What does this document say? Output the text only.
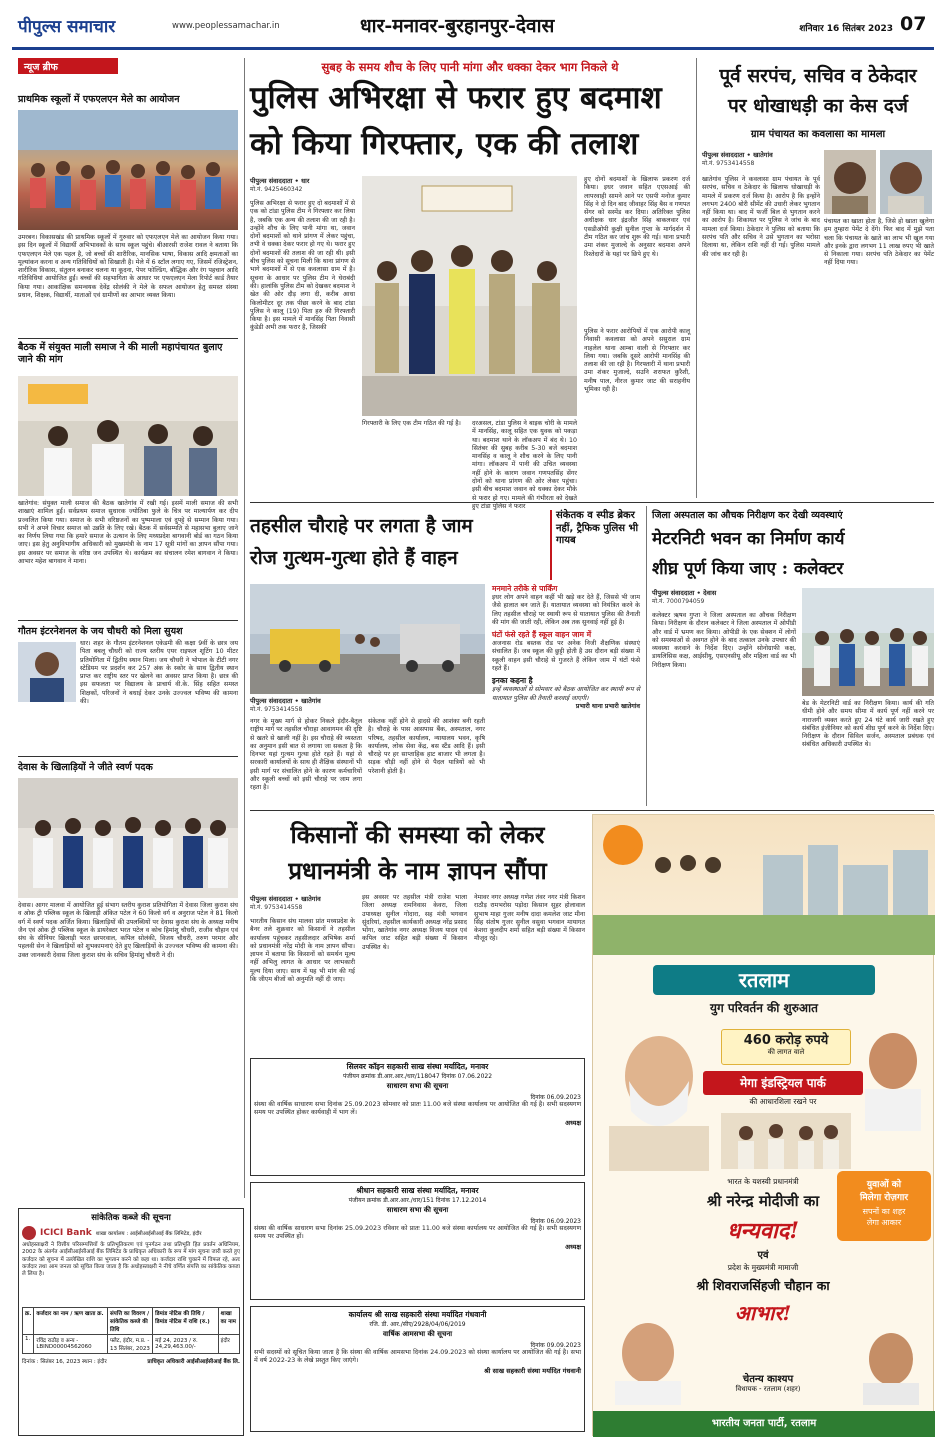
पीपुल्स समाचार	www.peoplessamachar.in	धार-मनावर-बुरहानपुर-देवास	शनिवार 16 सितंबर 2023 07
न्यूज ब्रीफ
प्राथमिक स्कूलों में एफएलएन मेले का आयोजन
उमरबन। विकासखंड की प्राथमिक स्कूलों में गुरुवार को एफएलएन मेले का आयोजन किया गया। इस दिन स्कूलों में विद्यार्थी अभिभावकों के साथ स्कूल पहुंचे। बीआरसी राजेश रावल ने बताया कि एफएलएन मेले एक पहल है, जो बच्चों की शारीरिक, मानसिक भाषा, विकास आदि क्षमताओं का मूल्यांकन करना व अन्य गतिविधियों को सिखाती है। मेले में 6 स्टॉल लगाए गए, जिसमें रजिस्ट्रेशन, शारीरिक विकास, संतुलन बनाकर चलना या कूदना, पेपर फोल्डिंग, बौद्धिक और रंग पहचान आदि गतिविधियां आयोजित हुईं। बच्चों की सहभागिता के आधार पर एफएलएन मेला रिपोर्ट कार्ड तैयार किया गया। आकांक्षिक समन्वयक देवेंद्र सोलंकी ने मेले के सफल आयोजन हेतु समस्त संस्था प्रधान, शिक्षक, विद्यार्थी, माताओं एवं ग्रामीणों का आभार व्यक्त किया।
बैठक में संयुक्त माली समाज ने की माली महापंचायत बुलाए जाने की मांग
खातेगांव: संयुक्त माली समाज की बैठक खातेगांव में रखी गई। इसमें माली समाज की सभी शाखाएं शामिल हुईं। सर्वप्रथम समाज सुधारक ज्योतिबा फुले के चित्र पर माल्यार्पण कर दीप प्रज्वलित किया गया। समाज के सभी वरिष्ठजनों का पुष्पमाला एवं दुपट्टे से सम्मान किया गया। सभी ने अपने विचार समाज को उन्नति के लिए रखे। बैठक में सर्वसम्मति से महासभा बुलाए जाने का निर्णय लिया गया कि हमारे समाज के उत्थान के लिए मध्यप्रदेश बागवानी बोर्ड का गठन किया जाए। इस हेतु अनुविभागीय अधिकारी को मुख्यमंत्री के नाम 17 सूत्री मांगों का ज्ञापन सौंपा गया। इस अवसर पर समाज के वरिष्ठ जन उपस्थित थे। कार्यक्रम का संचालन रमेश बागवान ने किया। आभार महेश बागवान ने माना।
गौतम इंटरनेशनल के जय चौधरी को मिला सुयश
धार। शहर के गौतम इंटरनेशनल एकेडमी की कक्षा 9वीं के छात्र जय पिता बबलू चौधरी को राज्य स्तरीय एयर राइफल शूटिंग 10 मीटर प्रतियोगिता में द्वितीय स्थान मिला। जय चौधरी ने भोपाल के टीटी नगर स्टेडियम पर प्रदर्शन कर 257 अंक के स्कोर के साथ द्वितीय स्थान प्राप्त कर राष्ट्रीय स्तर पर खेलने का अवसर प्राप्त किया है। छात्र की इस सफलता पर विद्यालय के प्राचार्य वी.के. सिंह सहित समस्त शिक्षकों, परिजनों ने बधाई देकर उनके उज्ज्वल भविष्य की कामना की।
देवास के खिलाड़ियों ने जीते स्वर्ण पदक
देवास। आगर मालवा में आयोजित हुई संभाग स्तरीय कुराश प्रतियोगिता में देवास जिला कुराश संघ व ओक ट्री पब्लिक स्कूल के खिलाड़ी अंकित पटेल ने 60 किलो वर्ग व अनुराज पटेल ने 81 किलो वर्ग में स्वर्ण पदक अर्जित किया। खिलाड़ियों की उपलब्धियों पर देवास कुराश संघ के अध्यक्ष मनीष जैन एवं ओक ट्री पब्लिक स्कूल के डायरेक्टर भरत पटेल व कोच हिमांशु चौधरी, राजीव चौहान एवं संघ के सीनियर खिलाड़ी भरत छापरवाल, कपिल सोलंकी, विजय चौधरी, तरुण परमार और पहलवी सेन ने खिलाड़ियों को शुभकामनाएं देते हुए खिलाड़ियों के उज्ज्वल भविष्य की कामना की। उक्त जानकारी देवास जिला कुराश संघ के सचिव हिमांशु चौधरी ने दी।
सुबह के समय शौच के लिए पानी मांगा और धक्का देकर भाग निकले थे
पुलिस अभिरक्षा से फरार हुए बदमाश
को किया गिरफ्तार, एक की तलाश
पीपुल्स संवाददाता • धार
मो.नं. 9425460342
पुलिस अभिरक्षा से फरार हुए दो बदमाशों में से एक को टांडा पुलिस टीम ने गिरफ्तार कर लिया है, जबकि एक अन्य की तलाश की जा रही है। उन्होंने शौच के लिए पानी मांगा था, जवान दोनों बदमाशों को थाने प्रांगण में लेकर पहुंचा, तभी वे धक्का देकर फरार हो गए थे। फरार हुए दोनों बदमाशों की तलाश की जा रही थी। इसी बीच पुलिस को सूचना मिली कि थाना प्रांगण से भागे बदमाशों में से एक कवलासा ग्राम में है। सूचना के आधार पर पुलिस टीम ने घेराबंदी की। हालांकि पुलिस टीम को देखकर बदमाश ने खेत की ओर दौड़ लगा दी, करीब आधा किलोमीटर दूर तक पीछा करने के बाद टांडा पुलिस ने कालू (19) पिता हरु की गिरफ्तारी किया है। इस मामले में मानसिंह पिता निवासी कुंडेडी अभी तक फरार है, जिसकी
गिरफ्तारी के लिए एक टीम गठित की गई है।	दरअसल, टांडा पुलिस ने बाइक चोरी के मामले में मानसिंह, कालू सहित एक युवक को पकड़ा था। बदमाश थाने के लॉकअप में बंद थे। 10 सितंबर की सुबह करीब 5-30 बजे बदमाश मानसिंह व कालू ने शौच करने के लिए पानी मांगा। लॉकअप में पानी की उचित व्यवस्था नहीं होने के कारण जवान गणपतसिंह सेंगर दोनों को थाना प्रांगण की ओर लेकर पहुंचा। इसी बीच बदमाश जवान को धक्का देकर मौके से फरार हो गए। मामले की गंभीरता को देखते हुए टांडा पुलिस ने फरार
हुए दोनों बदमाशों के खिलाफ प्रकरण दर्ज किया। इधर जवान सहित एएसआई की लापरवाही सामने आने पर एसपी मनोज कुमार सिंह ने दो दिन बाद जीवाहर सिंह बैस व गणपत सेंगर को सस्पेंड कर दिया। अतिरिक्त पुलिस अधीक्षक धार इंद्रजीत सिंह बाकलवार एवं एसडीओपी कुक्षी सुनील गुप्ता के मार्गदर्शन में टीम गठित कर जांच शुरू की गई। थाना प्रभारी उमा शंकर मुजाल्दे के अनुसार बदमाश अपने रिश्तेदारों के यहां पर छिपे हुए थे।
पुलिस ने फरार आरोपियों में एक आरोपी कालू निवासी कवलासा को अपने ससुराल ग्राम नाहलेल थाना आम्बा वाली से गिरफ्तार कर लिया गया। जबकि दूसरे आरोपी मानसिंह की तलाश की जा रही है। गिरफ्तारी में थाना प्रभारी उमा शंकर मुजाल्दे, सउनि शराफत कुरैशी, मनीष पाल, नीरज कुमार जाट की सराहनीय भूमिका रही है।
पूर्व सरपंच, सचिव व ठेकेदार
पर धोखाधड़ी का केस दर्ज
ग्राम पंचायत का कवलासा का मामला
पीपुल्स संवाददाता • खातेगांव
मो.नं. 9753414558
खातेगांव पुलिस ने कवलासा ग्राम पंचायत के पूर्व सरपंच, सचिव व ठेकेदार के खिलाफ धोखाधड़ी के मामले में प्रकरण दर्ज किया है। आरोप है कि इन्होंने लगभग 2400 बोरी सीमेंट की उधारी लेकर भुगतान नहीं किया था। बाद में फर्जी बिल से भुगतान करने का आरोप है। शिकायत पर पुलिस ने जांच के बाद मामला दर्ज किया। ठेकेदार ने पुलिस को बताया कि सरपंच पति और सचिव ने उसे भुगतान का भरोसा दिलाया था, लेकिन राशि नहीं दी गई। पुलिस मामले की जांच कर रही है।
पंचायत का खाता होता है, जिसे हो खाता खुलेगा हम तुम्हारा पेमेंट दे देंगे। फिर बाद में मुझे पता चला कि पंचायत के खाते का लाभ भी खुल गया और इनके द्वारा लगभग 11 लाख रुपए भी खाते से निकाला गया। सरपंच पति ठेकेदार का पेमेंट नहीं दिया गया।
तहसील चौराहे पर लगता है जाम
रोज गुत्थम-गुत्था होते हैं वाहन
संकेतक व स्पीड ब्रेकर नहीं, ट्रैफिक पुलिस भी गायब
पीपुल्स संवाददाता • खातेगांव
मो.नं. 9753414558
नगर के मुख्य मार्ग से होकर निकले इंदौर-बैतूल राष्ट्रीय मार्ग पर तहसील चौराहा आवागमन की दृष्टि से खतरे से खाली नहीं है। इस चौराहे की व्यस्तता का अनुमान इसी बात से लगाया जा सकता है कि दिनभर यहां गुत्थम गुत्था होते रहते हैं। यहां से सरकारी कार्यालयों के साथ ही शैक्षिक संस्थानों भी इसी मार्ग पर संचालित होने के कारण कर्मचारियों और स्कूली बच्चों को इसी चौराहे पर जाम लगा रहता है।
संकेतक नहीं होने से हादसे की आशंका बनी रहती है। चौराहे के पास आसपास बैंक, अस्पताल, नगर परिषद, तहसील कार्यालय, न्यायालय भवन, कृषि कार्यालय, लोक सेवा केंद्र, बस स्टैंड आदि हैं। इसी चौराहे पर हर साप्ताहिक हाट बाजार भी लगता है। सड़क चौड़ी नहीं होने से पैदल यात्रियों को भी परेशानी होती है।
मनमाने तरीके से पार्किंग
इधर लोग अपने वाहन कहीं भी खड़े कर देते हैं, जिससे भी जाम जैसे हालात बन जाते हैं। यातायात व्यवस्था को नियंत्रित करने के लिए तहसील चौराहे पर स्थायी रूप से यातायात पुलिस की तैनाती की मांग की जाती रही, लेकिन अब तक सुनवाई नहीं हुई है।
घंटों फंसे रहते हैं स्कूल वाहन जाम में
अजनास रोड बस्तक रोड पर अनेक निजी शैक्षणिक संस्थाएं संचालित हैं। जब स्कूल की छुट्टी होती है उस दौरान बड़ी संख्या में स्कूली वाहन इसी चौराहे से गुजरते हैं लेकिन जाम में घंटों फंसे रहते हैं।
इनका कहना है
इन्हें व्यवस्थाओं से सोमवार को बैठक आयोजित कर स्थायी रूप से यातायात पुलिस की तैनाती करवाई जाएगी।
प्रभारी थाना प्रभारी खातेगांव
जिला अस्पताल का औचक निरीक्षण कर देखी व्यवस्थाएं
मेटरनिटी भवन का निर्माण कार्य
शीघ्र पूर्ण किया जाए : कलेक्टर
पीपुल्स संवाददाता • देवास
मो.नं. 7000794059
कलेक्टर ऋषव गुप्ता ने जिला अस्पताल का औचक निरीक्षण किया। निरीक्षण के दौरान कलेक्टर ने जिला अस्पताल में ओपीडी और वार्ड में भ्रमण कर किया। ओपीडी के एक सेक्शन में लोगों को समस्याओं से अवगत होने के बाद तत्काल उनके उपचार की व्यवस्था करवाने के निर्देश दिए। उन्होंने सोनोग्राफी कक्ष, डायलिसिस कक्ष, आईसीयू, एसएनसीयू और महिला वार्ड का भी निरीक्षण किया।
बेड के मेटरनिटी वार्ड का निरीक्षण किया। कार्य की गति धीमी होने और समय सीमा में कार्य पूर्ण नहीं करने पर नाराजगी व्यक्त करते हुए 24 घंटे कार्य जारी रखते हुए संबंधित इंजीनियर को कार्य शीघ्र पूर्ण करने के निर्देश दिए। निरीक्षण के दौरान सिविल सर्जन, अस्पताल प्रबंधक एवं संबंधित अधिकारी उपस्थित थे।
किसानों की समस्या को लेकर
प्रधानमंत्री के नाम ज्ञापन सौंपा
पीपुल्स संवाददाता • खातेगांव
मो.नं. 9753414558
भारतीय किसान संघ मालवा प्रांत मध्यप्रदेश के बैनर तले शुक्रवार को किसानों ने तहसील कार्यालय पहुंचकर तहसीलदार अभिषेक शर्मा को प्रधानमंत्री नरेंद्र मोदी के नाम ज्ञापन सौंपा। ज्ञापन में बताया कि किसानों को समर्थन मूल्य नहीं अभिलु लागत के आधार पर लाभकारी मूल्य दिया जाए। साथ में यह भी मांग की गई कि जीएम बीजों को अनुमति नहीं दी जाए।
इस अवसर पर तहसील मंत्री राजेश भाला जिला अध्यक्ष रामनिवास केवरा, जिला उपाध्यक्ष सुनील गोदारा, सह मंत्री भगवान सुंदरियां, तहसील कार्यकारी अध्यक्ष नरेंद्र प्रसाद भोंगा, खातेगांव नगर अध्यक्ष विजय यादव एवं कपिल जाट सहित बड़ी संख्या में किसान उपस्थित थे।
नेमावर नगर अध्यक्ष गणेश तंवर नगर मंत्री किशन राठौड़ रामभरोस पड़ोदा किसान सुहर होलावाल सुभाष माहा गुजर मनीष दादा कमलेश जाट मीना सिंह संतोष गुजर सुनील वसुवा भगवान मायागत केशरा कुलदीप शर्मा सहित बड़ी संख्या में किसान मौजूद रहे।
सिलवर कॉइन सहकारी साख संस्था मर्यादित, मनावर
पंजीयन क्रमांक डी.आर.आर./धार/118047 दिनांक 07.06.2022
साधारण सभा की सूचना
दिनांक 06.09.2023
संस्था की वार्षिक साधारण सभा दिनांक 25.09.2023 सोमवार को प्रातः 11.00 बजे संस्था कार्यालय पर आयोजित की गई है। सभी सदस्यगण समय पर उपस्थित होकर कार्यवाही में भाग लें।
अध्यक्ष
श्रीधान सहकारी साख संस्था मर्यादित, मनावर
पंजीयन क्रमांक डी.आर.आर./धार/151 दिनांक 17.12.2014
साधारण सभा की सूचना
दिनांक 06.09.2023
संस्था की वार्षिक साधारण सभा दिनांक 25.09.2023 रविवार को प्रातः 11.00 बजे संस्था कार्यालय पर आयोजित की गई है। सभी सदस्यगण समय पर उपस्थित हों।
अध्यक्ष
कार्यालय श्री साख सहकारी संस्था मर्यादित गंधवानी
रजि. डी. आर./सीए/2928/04/06/2019
वार्षिक आमसभा की सूचना
दिनांक 09.09.2023
सभी सदस्यों को सूचित किया जाता है कि संस्था की वार्षिक आमसभा दिनांक 24.09.2023 को संस्था कार्यालय पर आयोजित की गई है। सभा में वर्ष 2022-23 के लेखे प्रस्तुत किए जाएंगे।
श्री साख सहकारी संस्था मर्यादित गंधवानी
सांकेतिक कब्जे की सूचना
ICICI Bank शाखा कार्यालय : आईसीआईसीआई बैंक लिमिटेड, इंदौर
अधोहस्ताक्षरी ने वित्तीय परिसम्पत्तियों के प्रतिभूतिकरण एवं पुनर्गठन तथा प्रतिभूति हित प्रवर्तन अधिनियम, 2002 के अंतर्गत आईसीआईसीआई बैंक लिमिटेड के प्राधिकृत अधिकारी के रूप में मांग सूचना जारी करते हुए कर्जदार को सूचना में उल्लेखित राशि का भुगतान करने को कहा था। कर्जदार राशि चुकाने में विफल रहे, अतः कर्जदार तथा आम जनता को सूचित किया जाता है कि अधोहस्ताक्षरी ने नीचे वर्णित संपत्ति का सांकेतिक कब्जा ले लिया है।
क्र.	कर्जदार का नाम / ऋण खाता क्र.	संपत्ति का विवरण / सांकेतिक कब्जे की तिथि	डिमांड नोटिस की तिथि / डिमांड नोटिस में राशि (रु.)	शाखा का नाम
1.	रविंद्र राठौड़ व अन्य - LBIND00004562060	फ्लैट, इंदौर, म.प्र. - 13 सितंबर, 2023	मई 24, 2023 / रु. 24,29,463.00/-	इंदौर
दिनांक : सितंबर 16, 2023 स्थान : इंदौर	प्राधिकृत अधिकारी आईसीआईसीआई बैंक लि.
रतलाम
युग परिवर्तन की शुरुआत
460 करोड़ रुपये
की लागत वाले
मेगा इंडस्ट्रियल पार्क
की आधारशिला रखने पर
भारत के यशस्वी प्रधानमंत्री
श्री नरेन्द्र मोदीजी का
धन्यवाद!
युवाओं को
मिलेगा रोज़गार
सपनों का शहर
लेगा आकार
एवं
प्रदेश के मुख्यमंत्री मामाजी
श्री शिवराजसिंहजी चौहान का
आभार!
चेतन्य काश्यप
विधायक - रतलाम (शहर)
भारतीय जनता पार्टी, रतलाम
